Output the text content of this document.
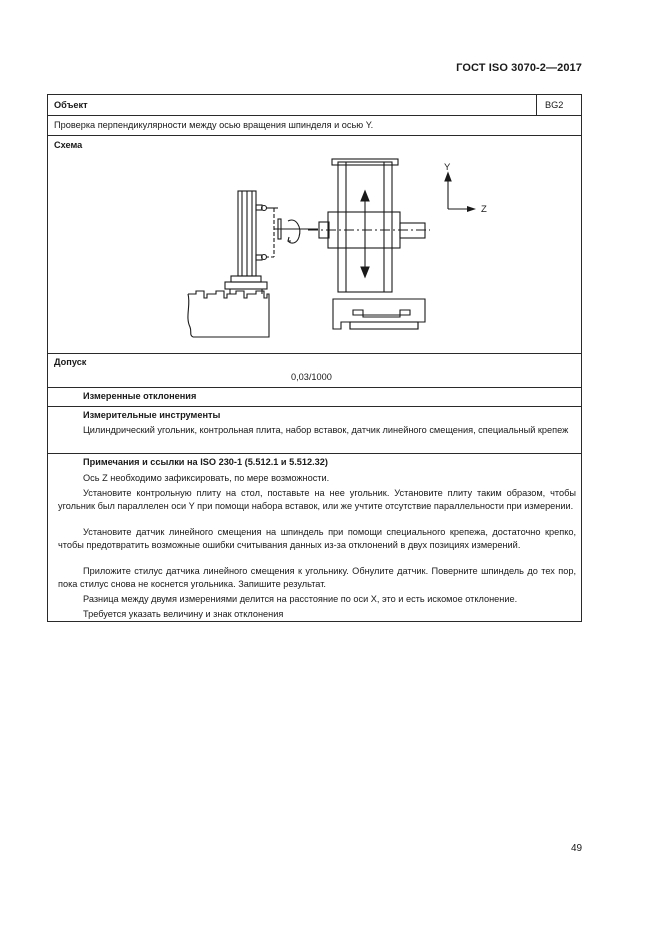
ГОСТ ISO 3070-2—2017
Объект	BG2
Проверка перпендикулярности между осью вращения шпинделя и осью Y.
Схема
Y
Z
Допуск
0,03/1000
Измеренные отклонения
Измерительные инструменты
Цилиндрический угольник, контрольная плита, набор вставок, датчик линейного смещения, специальный крепеж
Примечания и ссылки на ISO 230-1 (5.512.1 и 5.512.32)
Ось Z необходимо зафиксировать, по мере возможности.
Установите контрольную плиту на стол, поставьте на нее угольник. Установите плиту таким образом, чтобы угольник был параллелен оси Y при помощи набора вставок, или же учтите отсутствие параллельности при измерении.
Установите датчик линейного смещения на шпиндель при помощи специального крепежа, достаточно крепко, чтобы предотвратить возможные ошибки считывания данных из-за отклонений в двух позициях измерений.
Приложите стилус датчика линейного смещения к угольнику. Обнулите датчик. Поверните шпиндель до тех пор, пока стилус снова не коснется угольника. Запишите результат.
Разница между двумя измерениями делится на расстояние по оси X, это и есть искомое отклонение.
Требуется указать величину и знак отклонения
49
